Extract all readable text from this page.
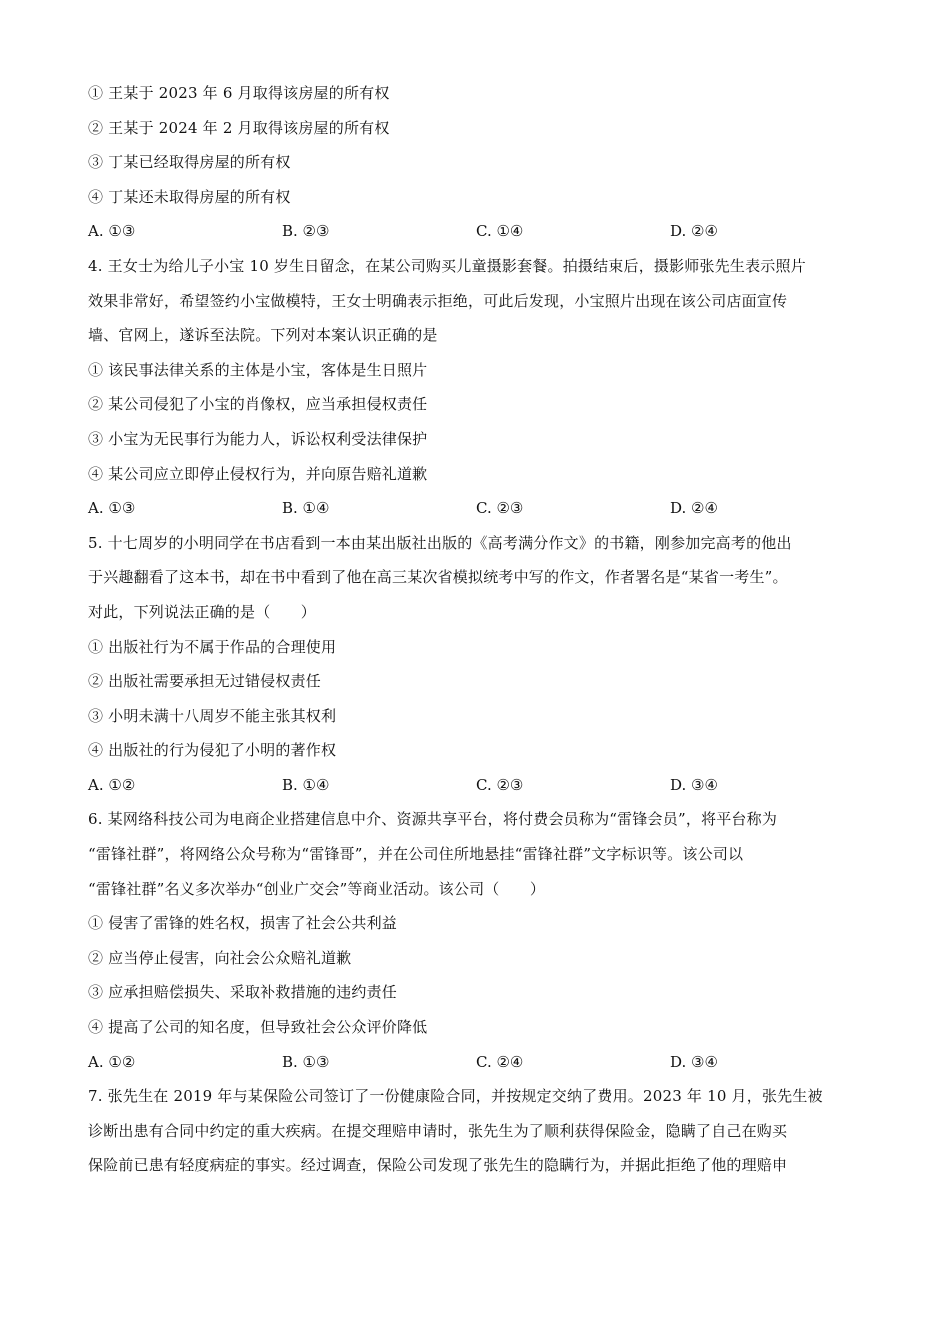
① 王某于 2023 年 6 月取得该房屋的所有权
② 王某于 2024 年 2 月取得该房屋的所有权
③ 丁某已经取得房屋的所有权
④ 丁某还未取得房屋的所有权
A. ①③	B. ②③	C. ①④	D. ②④
4. 王女士为给儿子小宝 10 岁生日留念，在某公司购买儿童摄影套餐。拍摄结束后，摄影师张先生表示照片
效果非常好，希望签约小宝做模特，王女士明确表示拒绝，可此后发现，小宝照片出现在该公司店面宣传
墙、官网上，遂诉至法院。下列对本案认识正确的是
① 该民事法律关系的主体是小宝，客体是生日照片
② 某公司侵犯了小宝的肖像权，应当承担侵权责任
③ 小宝为无民事行为能力人，诉讼权利受法律保护
④ 某公司应立即停止侵权行为，并向原告赔礼道歉
A. ①③	B. ①④	C. ②③	D. ②④
5. 十七周岁的小明同学在书店看到一本由某出版社出版的《高考满分作文》的书籍，刚参加完高考的他出
于兴趣翻看了这本书，却在书中看到了他在高三某次省模拟统考中写的作文，作者署名是“某省一考生”。
对此，下列说法正确的是（　　）
① 出版社行为不属于作品的合理使用
② 出版社需要承担无过错侵权责任
③ 小明未满十八周岁不能主张其权利
④ 出版社的行为侵犯了小明的著作权
A. ①②	B. ①④	C. ②③	D. ③④
6. 某网络科技公司为电商企业搭建信息中介、资源共享平台，将付费会员称为“雷锋会员”，将平台称为
“雷锋社群”，将网络公众号称为“雷锋哥”，并在公司住所地悬挂“雷锋社群”文字标识等。该公司以
“雷锋社群”名义多次举办“创业广交会”等商业活动。该公司（　　）
① 侵害了雷锋的姓名权，损害了社会公共利益
② 应当停止侵害，向社会公众赔礼道歉
③ 应承担赔偿损失、采取补救措施的违约责任
④ 提高了公司的知名度，但导致社会公众评价降低
A. ①②	B. ①③	C. ②④	D. ③④
7. 张先生在 2019 年与某保险公司签订了一份健康险合同，并按规定交纳了费用。2023 年 10 月，张先生被
诊断出患有合同中约定的重大疾病。在提交理赔申请时，张先生为了顺利获得保险金，隐瞒了自己在购买
保险前已患有轻度病症的事实。经过调查，保险公司发现了张先生的隐瞒行为，并据此拒绝了他的理赔申
